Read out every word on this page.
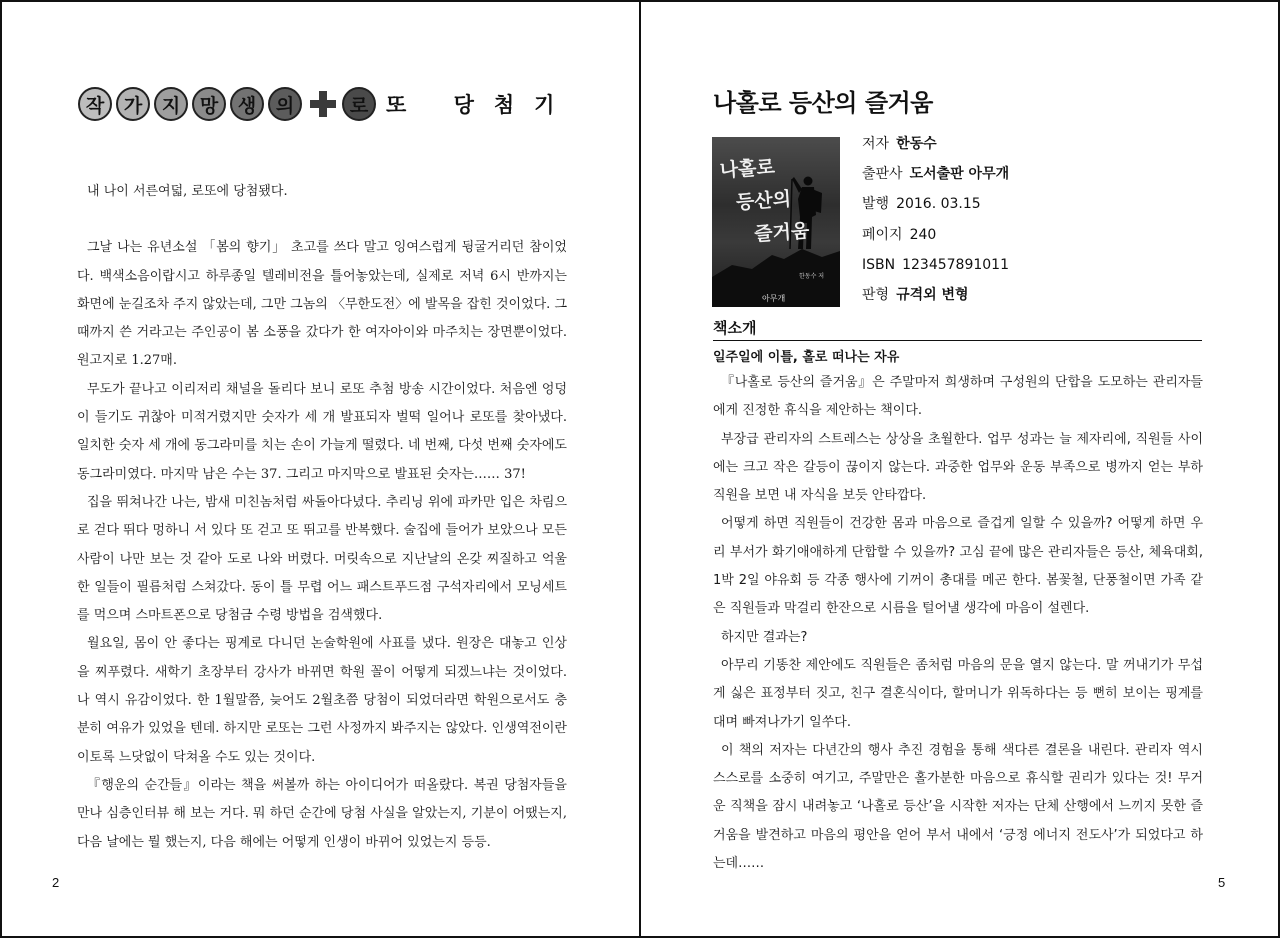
작	가	지	망	생	의	로 또 당첨기

내 나이 서른여덟, 로또에 당첨됐다.

그날 나는 유년소설 「봄의 향기」 초고를 쓰다 말고 잉여스럽게 뒹굴거리던 참이었다. 백색소음이랍시고 하루종일 텔레비전을 틀어놓았는데, 실제로 저녁 6시 반까지는 화면에 눈길조차 주지 않았는데, 그만 그놈의 〈무한도전〉에 발목을 잡힌 것이었다. 그때까지 쓴 거라고는 주인공이 봄 소풍을 갔다가 한 여자아이와 마주치는 장면뿐이었다. 원고지로 1.27매.

무도가 끝나고 이리저리 채널을 돌리다 보니 로또 추첨 방송 시간이었다. 처음엔 엉덩이 들기도 귀찮아 미적거렸지만 숫자가 세 개 발표되자 벌떡 일어나 로또를 찾아냈다. 일치한 숫자 세 개에 동그라미를 치는 손이 가늘게 떨렸다. 네 번째, 다섯 번째 숫자에도 동그라미였다. 마지막 남은 수는 37. 그리고 마지막으로 발표된 숫자는…… 37!

집을 뛰쳐나간 나는, 밤새 미친놈처럼 싸돌아다녔다. 추리닝 위에 파카만 입은 차림으로 걷다 뛰다 멍하니 서 있다 또 걷고 또 뛰고를 반복했다. 술집에 들어가 보았으나 모든 사람이 나만 보는 것 같아 도로 나와 버렸다. 머릿속으로 지난날의 온갖 찌질하고 억울한 일들이 필름처럼 스쳐갔다. 동이 틀 무렵 어느 패스트푸드점 구석자리에서 모닝세트를 먹으며 스마트폰으로 당첨금 수령 방법을 검색했다.

월요일, 몸이 안 좋다는 핑계로 다니던 논술학원에 사표를 냈다. 원장은 대놓고 인상을 찌푸렸다. 새학기 초장부터 강사가 바뀌면 학원 꼴이 어떻게 되겠느냐는 것이었다. 나 역시 유감이었다. 한 1월말쯤, 늦어도 2월초쯤 당첨이 되었더라면 학원으로서도 충분히 여유가 있었을 텐데. 하지만 로또는 그런 사정까지 봐주지는 않았다. 인생역전이란 이토록 느닷없이 닥쳐올 수도 있는 것이다.

『행운의 순간들』이라는 책을 써볼까 하는 아이디어가 떠올랐다. 복권 당첨자들을 만나 심층인터뷰 해 보는 거다. 뭐 하던 순간에 당첨 사실을 알았는지, 기분이 어땠는지, 다음 날에는 뭘 했는지, 다음 해에는 어떻게 인생이 바뀌어 있었는지 등등.

2
나홀로 등산의 즐거움
나홀로
등산의
즐거움
한동수 저
아무개
저자 한동수
출판사 도서출판 아무개
발행 2016. 03.15
페이지 240
ISBN 123457891011
판형 규격외 변형
책소개
일주일에 이틀, 홀로 떠나는 자유

『나홀로 등산의 즐거움』은 주말마저 희생하며 구성원의 단합을 도모하는 관리자들에게 진정한 휴식을 제안하는 책이다.

부장급 관리자의 스트레스는 상상을 초월한다. 업무 성과는 늘 제자리에, 직원들 사이에는 크고 작은 갈등이 끊이지 않는다. 과중한 업무와 운동 부족으로 병까지 얻는 부하직원을 보면 내 자식을 보듯 안타깝다.

어떻게 하면 직원들이 건강한 몸과 마음으로 즐겁게 일할 수 있을까? 어떻게 하면 우리 부서가 화기애애하게 단합할 수 있을까? 고심 끝에 많은 관리자들은 등산, 체육대회, 1박 2일 야유회 등 각종 행사에 기꺼이 총대를 메곤 한다. 봄꽃철, 단풍철이면 가족 같은 직원들과 막걸리 한잔으로 시름을 털어낼 생각에 마음이 설렌다.

하지만 결과는?

아무리 기똥찬 제안에도 직원들은 좀처럼 마음의 문을 열지 않는다. 말 꺼내기가 무섭게 싫은 표정부터 짓고, 친구 결혼식이다, 할머니가 위독하다는 등 뻔히 보이는 핑계를 대며 빠져나가기 일쑤다.

이 책의 저자는 다년간의 행사 추진 경험을 통해 색다른 결론을 내린다. 관리자 역시 스스로를 소중히 여기고, 주말만은 홀가분한 마음으로 휴식할 권리가 있다는 것! 무거운 직책을 잠시 내려놓고 ‘나홀로 등산’을 시작한 저자는 단체 산행에서 느끼지 못한 즐거움을 발견하고 마음의 평안을 얻어 부서 내에서 ‘긍정 에너지 전도사’가 되었다고 하는데……

5
